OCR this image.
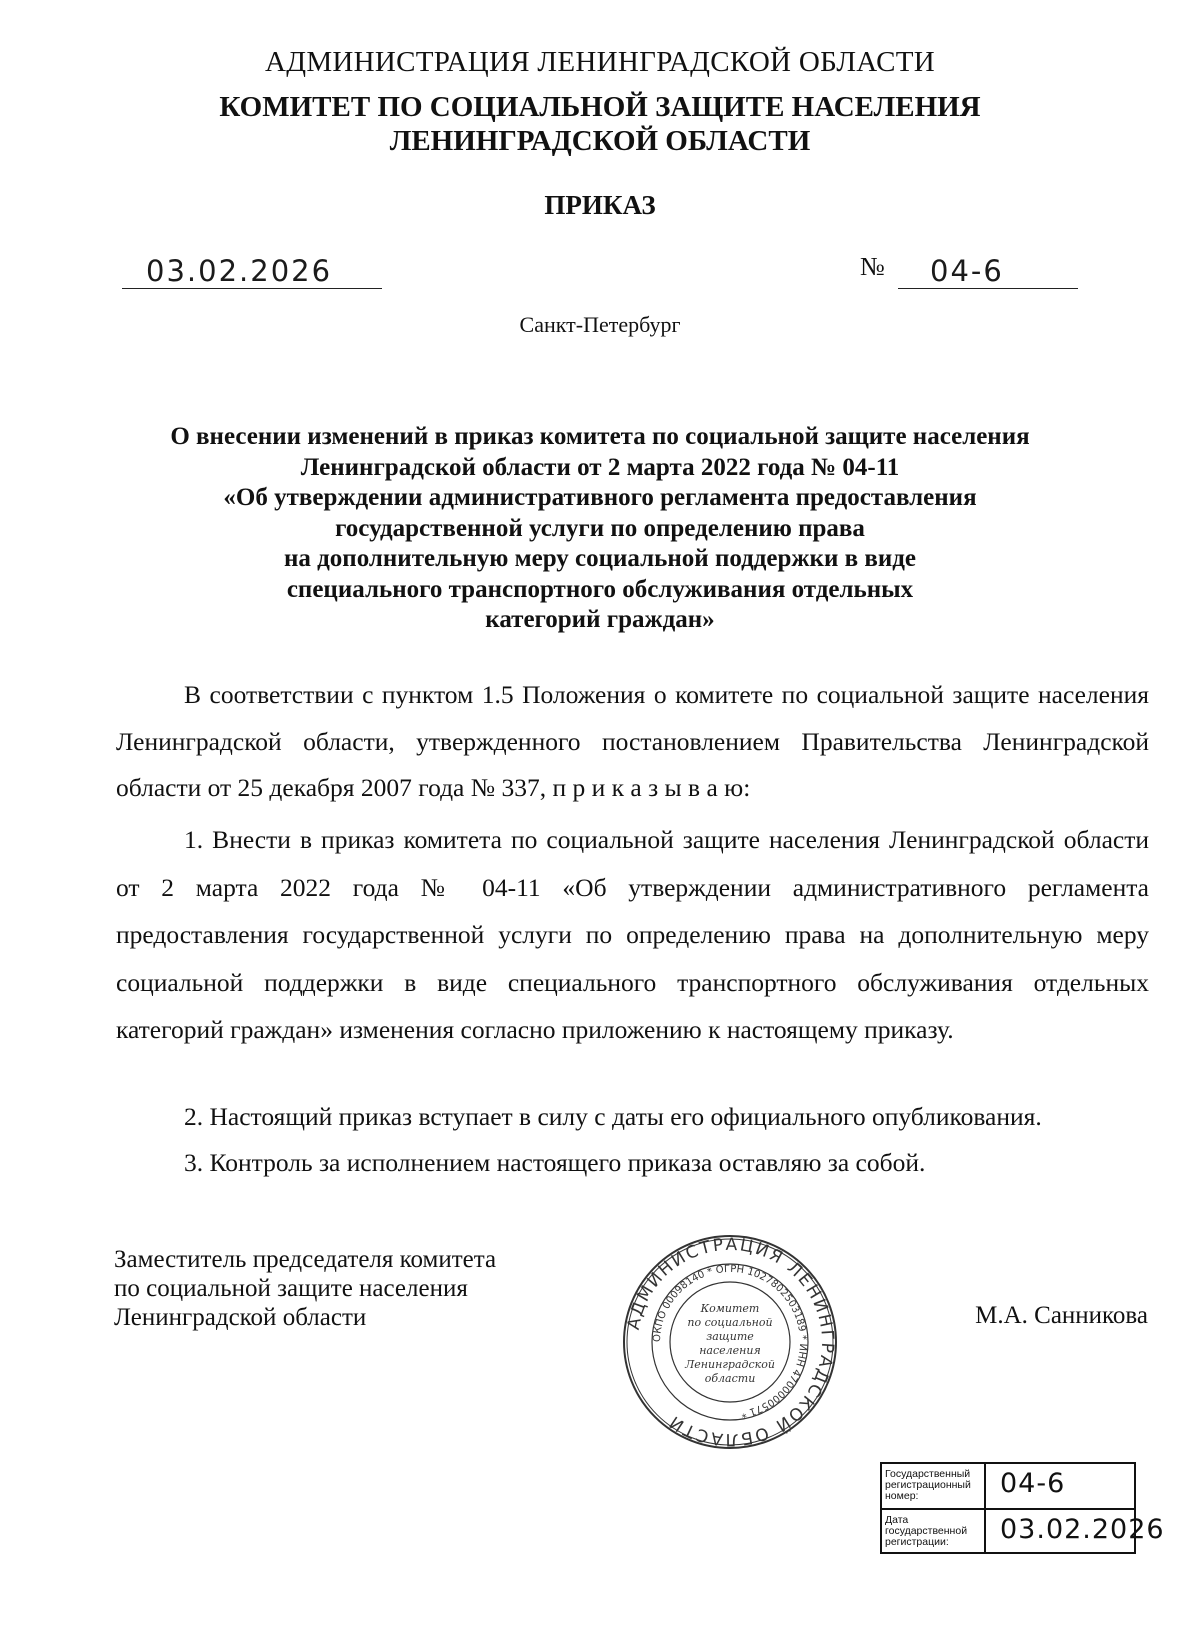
АДМИНИСТРАЦИЯ ЛЕНИНГРАДСКОЙ ОБЛАСТИ
КОМИТЕТ ПО СОЦИАЛЬНОЙ ЗАЩИТЕ НАСЕЛЕНИЯ
ЛЕНИНГРАДСКОЙ ОБЛАСТИ
ПРИКАЗ
03.02.2026	№ 04-6
Санкт-Петербург
О внесении изменений в приказ комитета по социальной защите населения
Ленинградской области от 2 марта 2022 года № 04-11
«Об утверждении административного регламента предоставления
государственной услуги по определению права
на дополнительную меру социальной поддержки в виде
специального транспортного обслуживания отдельных
категорий граждан»
В соответствии с пунктом 1.5 Положения о комитете по социальной защите населения Ленинградской области, утвержденного постановлением Правительства Ленинградской области от 25 декабря 2007 года № 337, п р и к а з ы в а ю:
1. Внести в приказ комитета по социальной защите населения Ленинградской области от 2 марта 2022 года № 04-11 «Об утверждении административного регламента предоставления государственной услуги по определению права на дополнительную меру социальной поддержки в виде специального транспортного обслуживания отдельных категорий граждан» изменения согласно приложению к настоящему приказу.
2. Настоящий приказ вступает в силу с даты его официального опубликования.
3. Контроль за исполнением настоящего приказа оставляю за собой.
Заместитель председателя комитета
по социальной защите населения
Ленинградской области	М.А. Санникова
АДМИНИСТРАЦИЯ ЛЕНИНГРАДСКОЙ ОБЛАСТИ
ОКПО 00098140 * ОГРН 1027802503189 * ИНН 4700000571 *
Комитет
по социальной
защите
населения
Ленинградской
области
Государственный регистрационный номер:	04-6
Дата государственной регистрации:	03.02.2026
